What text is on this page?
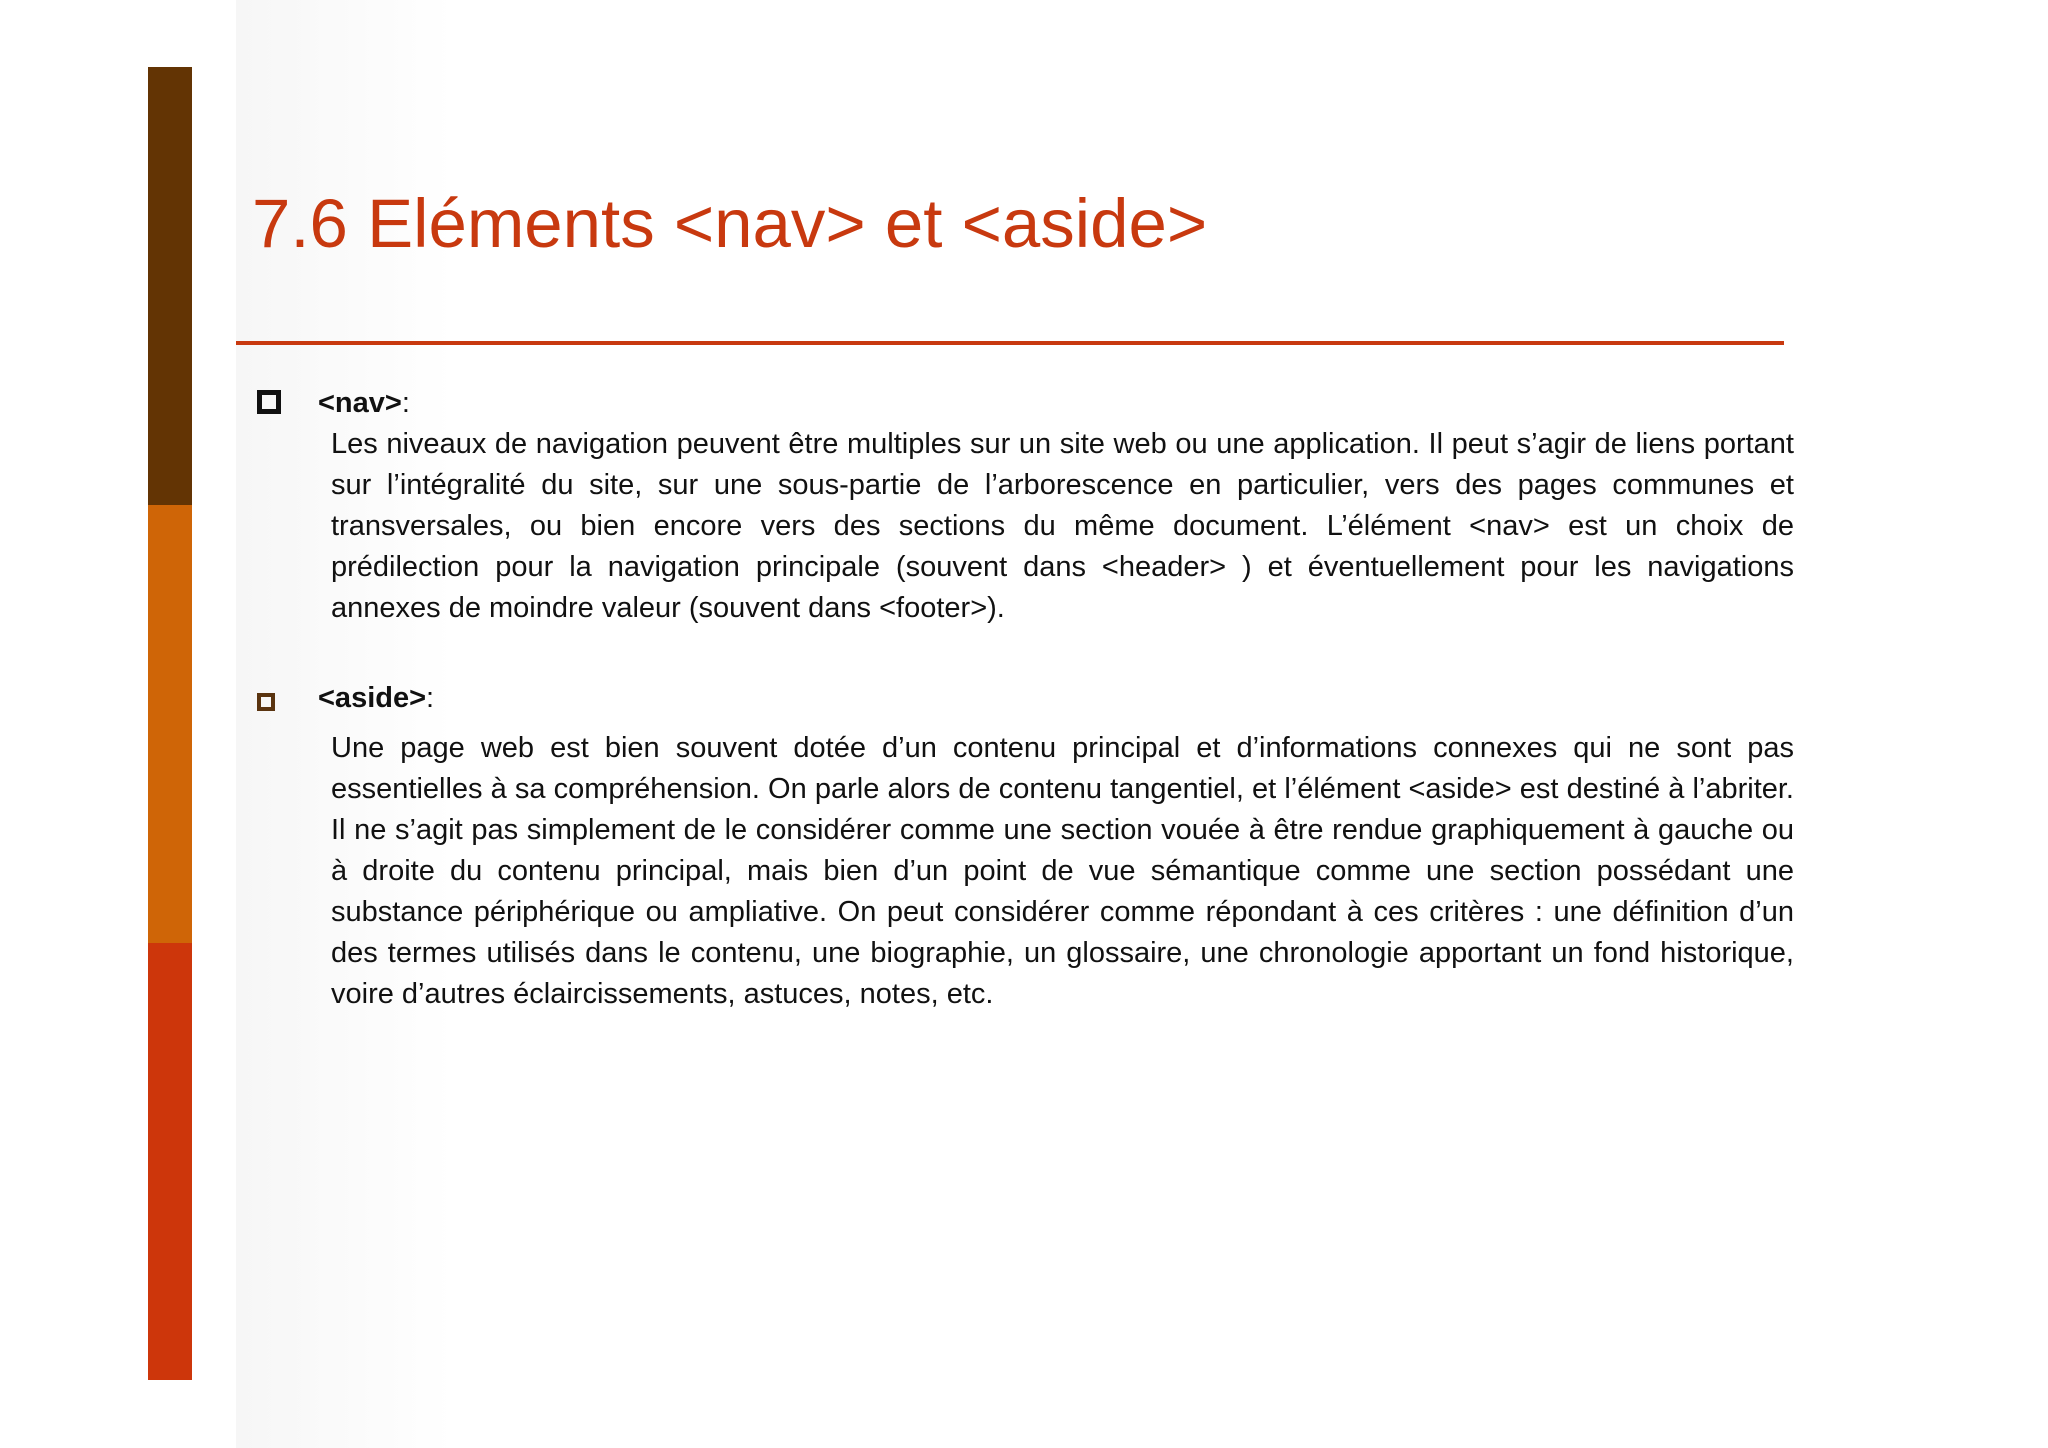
7.6 Eléments <nav> et <aside>
<nav>:

Les niveaux de navigation peuvent être multiples sur un site web ou une application. Il peut s’agir de liens portant sur l’intégralité du site, sur une sous-partie de l’arborescence en particulier, vers des pages communes et transversales, ou bien encore vers des sections du même document. L’élément <nav> est un choix de prédilection pour la navigation principale (souvent dans <header> ) et éventuellement pour les navigations annexes de moindre valeur (souvent dans <footer>).

<aside>:

Une page web est bien souvent dotée d’un contenu principal et d’informations connexes qui ne sont pas essentielles à sa compréhension. On parle alors de contenu tangentiel, et l’élément <aside> est destiné à l’abriter. Il ne s’agit pas simplement de le considérer comme une section vouée à être rendue graphiquement à gauche ou à droite du contenu principal, mais bien d’un point de vue sémantique comme une section possédant une substance périphérique ou ampliative. On peut considérer comme répondant à ces critères : une définition d’un des termes utilisés dans le contenu, une biographie, un glossaire, une chronologie apportant un fond historique, voire d’autres éclaircissements, astuces, notes, etc.
